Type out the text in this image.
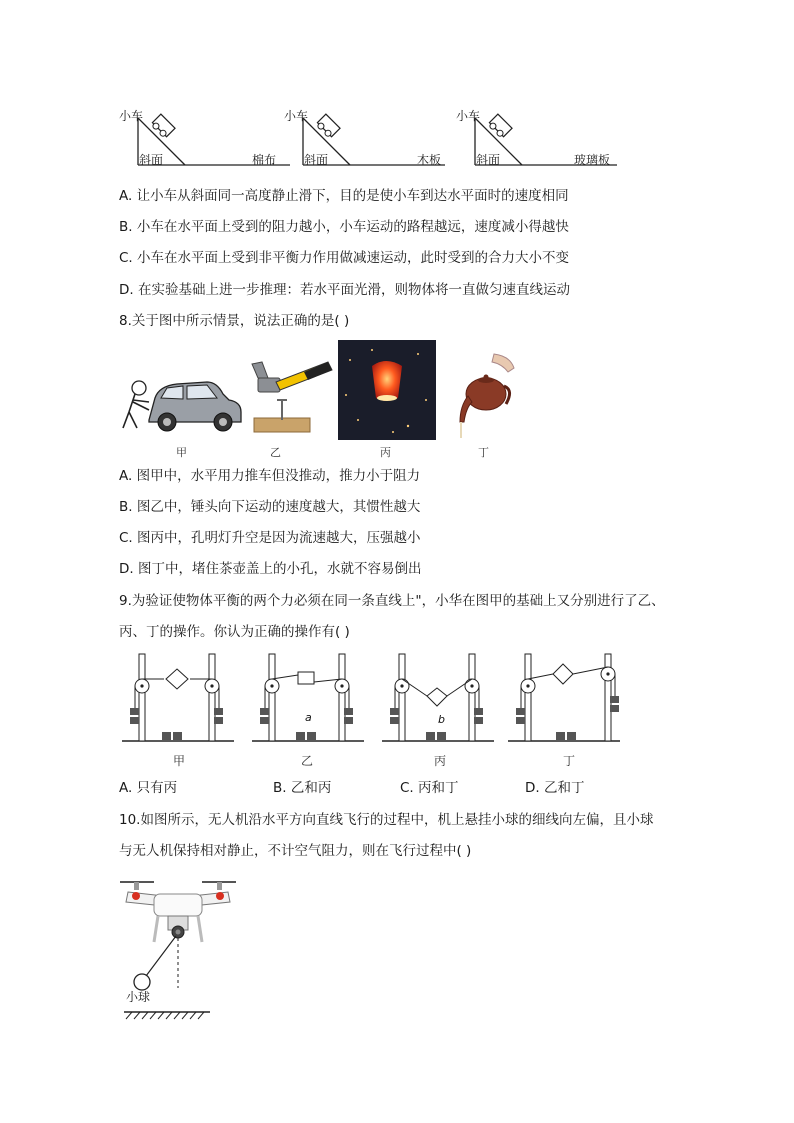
小车
斜面	棉布
小车
斜面	木板
小车
斜面	玻璃板
A. 让小车从斜面同一高度静止滑下，目的是使小车到达水平面时的速度相同
B. 小车在水平面上受到的阻力越小，小车运动的路程越远，速度减小得越快
C. 小车在水平面上受到非平衡力作用做减速运动，此时受到的合力大小不变
D. 在实验基础上进一步推理：若水平面光滑，则物体将一直做匀速直线运动
8.关于图中所示情景，说法正确的是( )
甲	乙	丙	丁
A. 图甲中，水平用力推车但没推动，推力小于阻力
B. 图乙中，锤头向下运动的速度越大，其惯性越大
C. 图丙中，孔明灯升空是因为流速越大，压强越小
D. 图丁中，堵住茶壶盖上的小孔，水就不容易倒出
9.为验证使物体平衡的两个力必须在同一条直线上"，小华在图甲的基础上又分别进行了乙、
丙、丁的操作。你认为正确的操作有( )
甲
a
乙
b
丙	丁
A. 只有丙	B. 乙和丙	C. 丙和丁	D. 乙和丁
10.如图所示，无人机沿水平方向直线飞行的过程中，机上悬挂小球的细线向左偏，且小球
与无人机保持相对静止，不计空气阻力，则在飞行过程中( )
小球
